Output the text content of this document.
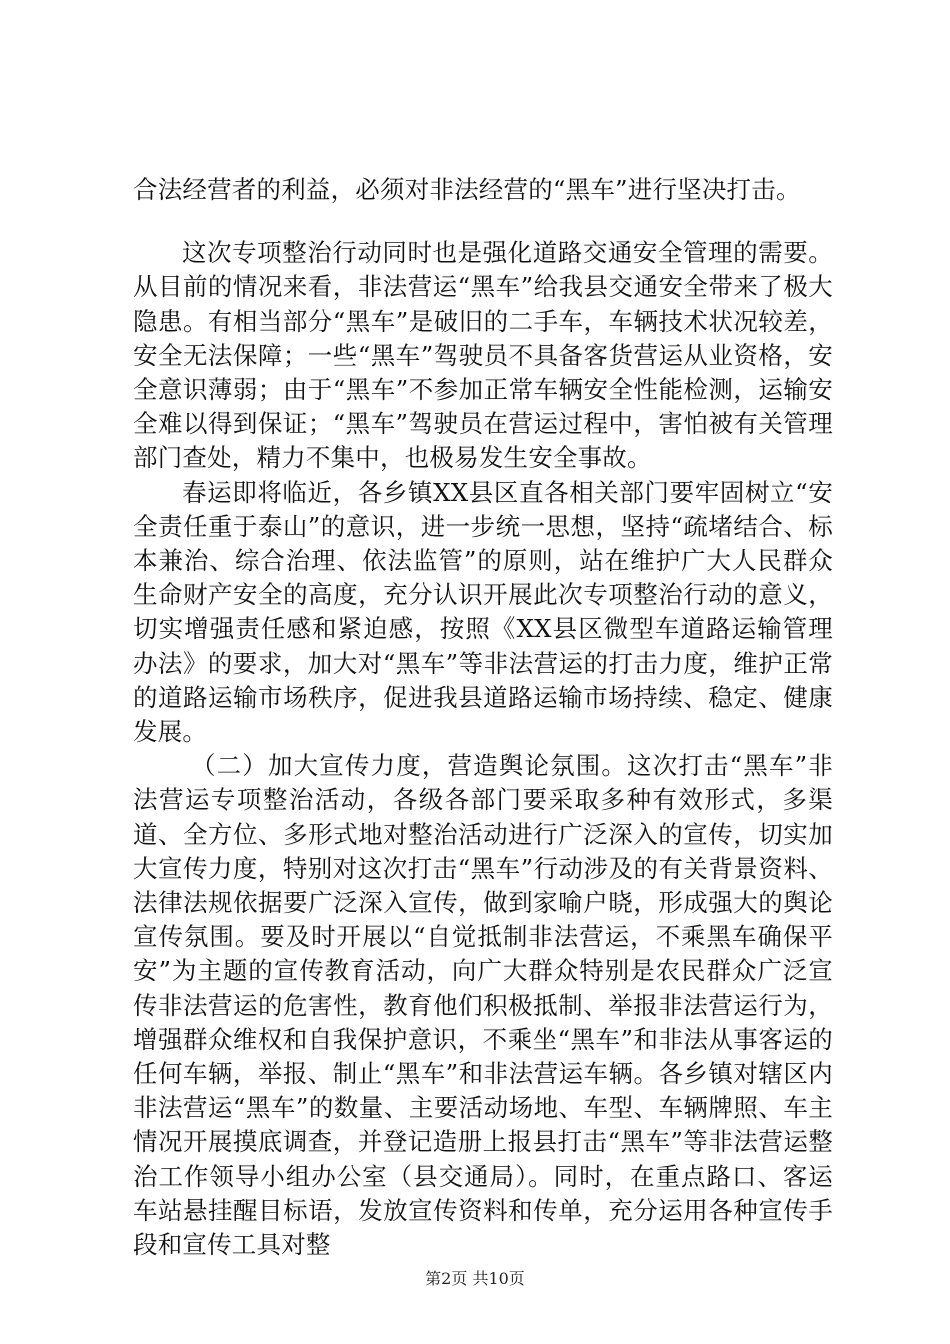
合法经营者的利益，必须对非法经营的“黑车”进行坚决打击。

这次专项整治行动同时也是强化道路交通安全管理的需要。从目前的情况来看，非法营运“黑车”给我县交通安全带来了极大隐患。有相当部分“黑车”是破旧的二手车，车辆技术状况较差，安全无法保障；一些“黑车”驾驶员不具备客货营运从业资格，安全意识薄弱；由于“黑车”不参加正常车辆安全性能检测，运输安全难以得到保证；“黑车”驾驶员在营运过程中，害怕被有关管理部门查处，精力不集中，也极易发生安全事故。

春运即将临近，各乡镇XX县区直各相关部门要牢固树立“安全责任重于泰山”的意识，进一步统一思想，坚持“疏堵结合、标本兼治、综合治理、依法监管”的原则，站在维护广大人民群众生命财产安全的高度，充分认识开展此次专项整治行动的意义，切实增强责任感和紧迫感，按照《XX县区微型车道路运输管理办法》的要求，加大对“黑车”等非法营运的打击力度，维护正常的道路运输市场秩序，促进我县道路运输市场持续、稳定、健康发展。

（二）加大宣传力度，营造舆论氛围。这次打击“黑车”非法营运专项整治活动，各级各部门要采取多种有效形式，多渠道、全方位、多形式地对整治活动进行广泛深入的宣传，切实加大宣传力度，特别对这次打击“黑车”行动涉及的有关背景资料、法律法规依据要广泛深入宣传，做到家喻户晓，形成强大的舆论宣传氛围。要及时开展以“自觉抵制非法营运，不乘黑车确保平安”为主题的宣传教育活动，向广大群众特别是农民群众广泛宣传非法营运的危害性，教育他们积极抵制、举报非法营运行为，增强群众维权和自我保护意识，不乘坐“黑车”和非法从事客运的任何车辆，举报、制止“黑车”和非法营运车辆。各乡镇对辖区内非法营运“黑车”的数量、主要活动场地、车型、车辆牌照、车主情况开展摸底调查，并登记造册上报县打击“黑车”等非法营运整治工作领导小组办公室（县交通局）。同时，在重点路口、客运车站悬挂醒目标语，发放宣传资料和传单，充分运用各种宣传手段和宣传工具对整

第2页 共10页
